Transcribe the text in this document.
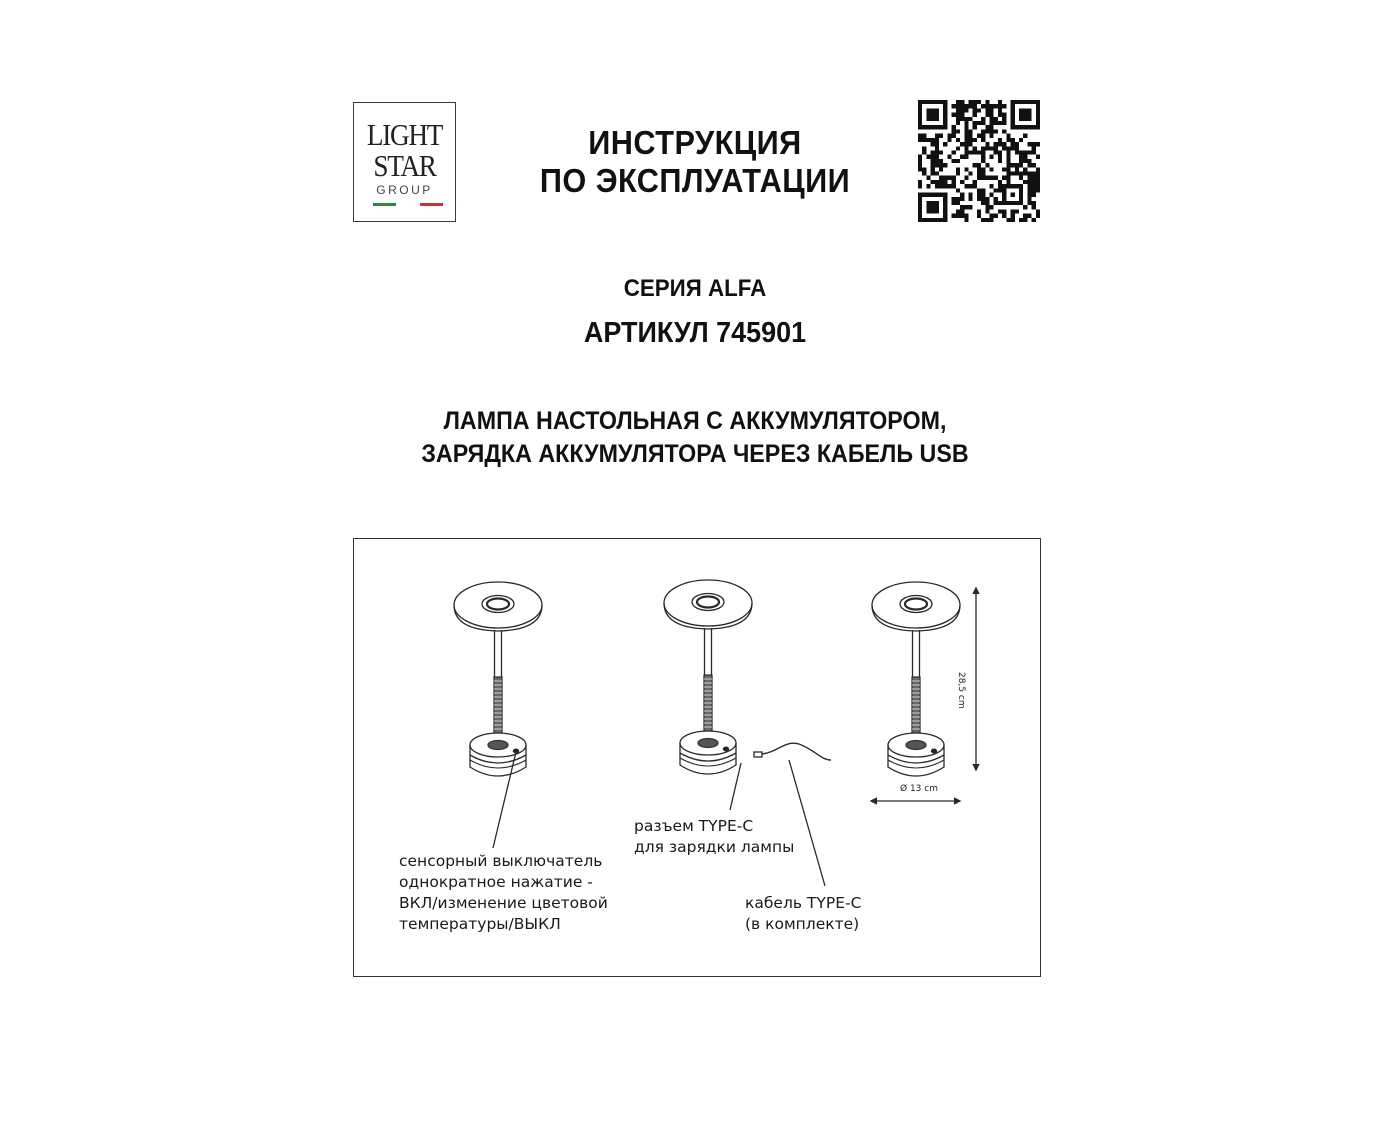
LIGHT
STAR
GROUP
ИНСТРУКЦИЯ
ПО ЭКСПЛУАТАЦИИ
СЕРИЯ ALFA
АРТИКУЛ 745901
ЛАМПА НАСТОЛЬНАЯ С АККУМУЛЯТОРОМ,
ЗАРЯДКА АККУМУЛЯТОРА ЧЕРЕЗ КАБЕЛЬ USB
сенсорный выключатель
однократное нажатие -
ВКЛ/изменение цветовой
температуры/ВЫКЛ
разъем TYPE-C
для зарядки лампы
кабель TYPE-C
(в комплекте)
Ø 13 cm
28,5 cm
